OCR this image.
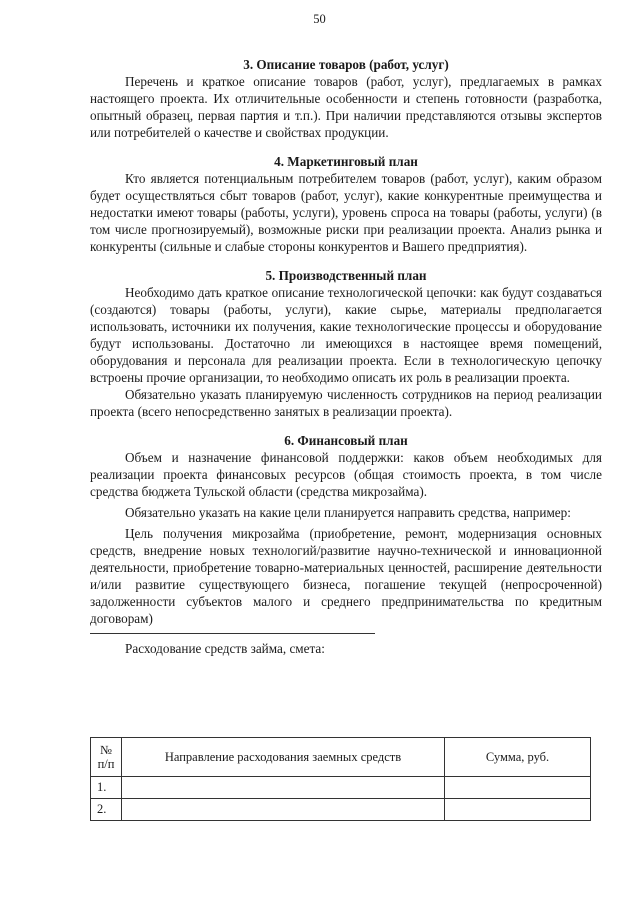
50
3. Описание товаров (работ, услуг)

Перечень и краткое описание товаров (работ, услуг), предлагаемых в рамках настоящего проекта. Их отличительные особенности и степень готовности (разработка, опытный образец, первая партия и т.п.). При наличии представляются отзывы экспертов или потребителей о качестве и свойствах продукции.

4. Маркетинговый план

Кто является потенциальным потребителем товаров (работ, услуг), каким образом будет осуществляться сбыт товаров (работ, услуг), какие конкурентные преимущества и недостатки имеют товары (работы, услуги), уровень спроса на товары (работы, услуги) (в том числе прогнозируемый), возможные риски при реализации проекта. Анализ рынка и конкуренты (сильные и слабые стороны конкурентов и Вашего предприятия).

5. Производственный план

Необходимо дать краткое описание технологической цепочки: как будут создаваться (создаются) товары (работы, услуги), какие сырье, материалы предполагается использовать, источники их получения, какие технологические процессы и оборудование будут использованы. Достаточно ли имеющихся в настоящее время помещений, оборудования и персонала для реализации проекта. Если в технологическую цепочку встроены прочие организации, то необходимо описать их роль в реализации проекта.

Обязательно указать планируемую численность сотрудников на период реализации проекта (всего непосредственно занятых в реализации проекта).

6. Финансовый план

Объем и назначение финансовой поддержки: каков объем необходимых для реализации проекта финансовых ресурсов (общая стоимость проекта, в том числе средства бюджета Тульской области (средства микрозайма).

Обязательно указать на какие цели планируется направить средства, например:

Цель получения микрозайма (приобретение, ремонт, модернизация основных средств, внедрение новых технологий/развитие научно-технической и инновационной деятельности, приобретение товарно-материальных ценностей, расширение деятельности и/или развитие существующего бизнеса, погашение текущей (непросроченной) задолженности субъектов малого и среднего предпринимательства по кредитным договорам)

Расходование средств займа, смета:
№ п/п	Направление расходования заемных средств	Сумма, руб.
1.		
2.		
